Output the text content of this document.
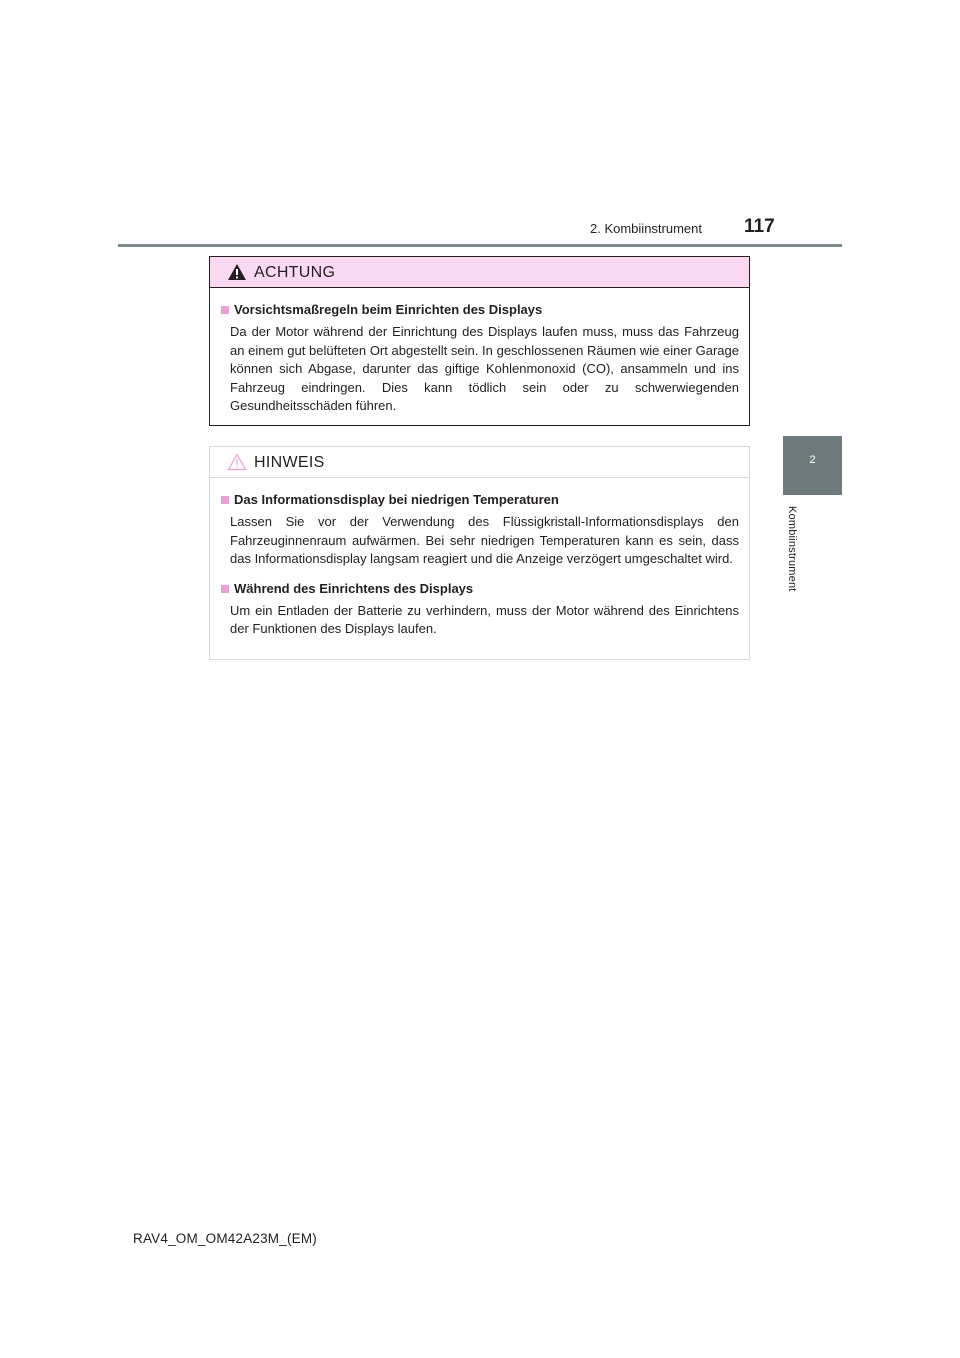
2. Kombiinstrument 117
2
Kombiinstrument
ACHTUNG
Vorsichtsmaßregeln beim Einrichten des Displays
Da der Motor während der Einrichtung des Displays laufen muss, muss das Fahrzeug an einem gut belüfteten Ort abgestellt sein. In geschlossenen Räumen wie einer Garage können sich Abgase, darunter das giftige Kohlenmonoxid (CO), ansammeln und ins Fahrzeug eindringen. Dies kann tödlich sein oder zu schwerwiegenden Gesundheitsschäden führen.
HINWEIS
Das Informationsdisplay bei niedrigen Temperaturen
Lassen Sie vor der Verwendung des Flüssigkristall-Informationsdisplays den Fahrzeuginnenraum aufwärmen. Bei sehr niedrigen Temperaturen kann es sein, dass das Informationsdisplay langsam reagiert und die Anzeige verzögert umgeschaltet wird.
Während des Einrichtens des Displays
Um ein Entladen der Batterie zu verhindern, muss der Motor während des Einrichtens der Funktionen des Displays laufen.
RAV4_OM_OM42A23M_(EM)
